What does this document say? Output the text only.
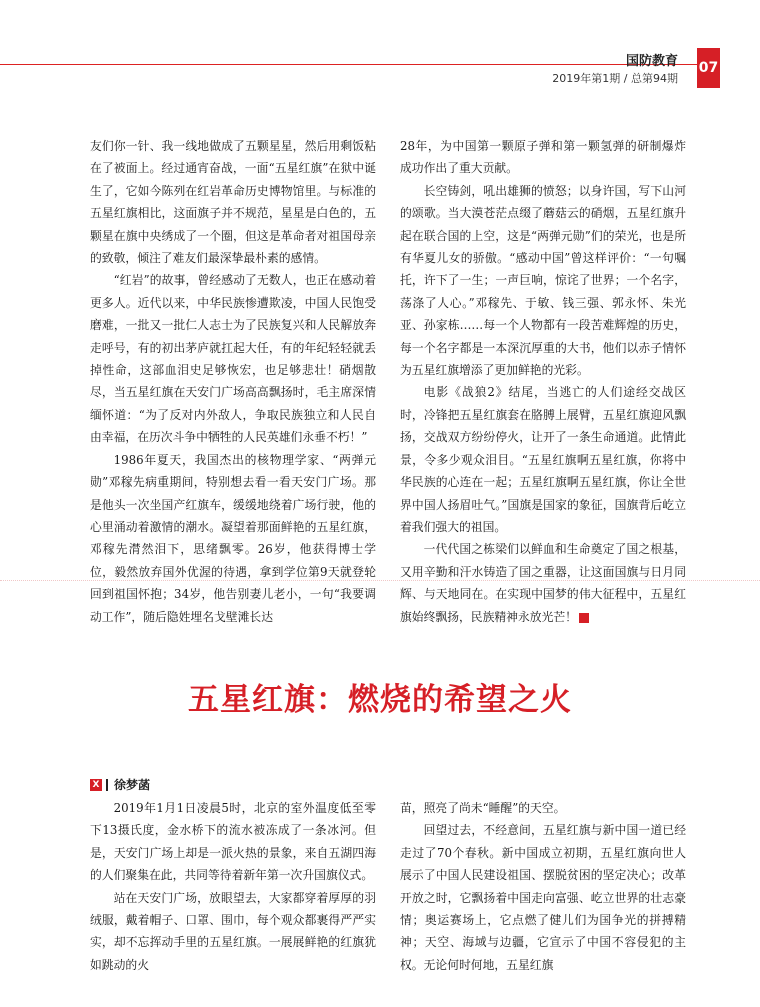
国防教育
2019年第1期 / 总第94期
07

友们你一针、我一线地做成了五颗星星，然后用剩饭粘在了被面上。经过通宵奋战，一面“五星红旗”在狱中诞生了，它如今陈列在红岩革命历史博物馆里。与标准的五星红旗相比，这面旗子并不规范，星星是白色的，五颗星在旗中央绣成了一个圈，但这是革命者对祖国母亲的致敬，倾注了难友们最深挚最朴素的感情。

“红岩”的故事，曾经感动了无数人，也正在感动着更多人。近代以来，中华民族惨遭欺凌，中国人民饱受磨难，一批又一批仁人志士为了民族复兴和人民解放奔走呼号，有的初出茅庐就扛起大任，有的年纪轻轻就丢掉性命，这部血泪史足够恢宏，也足够悲壮！硝烟散尽，当五星红旗在天安门广场高高飘扬时，毛主席深情缅怀道：“为了反对内外敌人，争取民族独立和人民自由幸福，在历次斗争中牺牲的人民英雄们永垂不朽！”

1986年夏天，我国杰出的核物理学家、“两弹元勋”邓稼先病重期间，特别想去看一看天安门广场。那是他头一次坐国产红旗车，缓缓地绕着广场行驶，他的心里涌动着激情的潮水。凝望着那面鲜艳的五星红旗，邓稼先潸然泪下，思绪飘零。26岁，他获得博士学位，毅然放弃国外优渥的待遇，拿到学位第9天就登轮回到祖国怀抱；34岁，他告别妻儿老小，一句“我要调动工作”，随后隐姓埋名戈壁滩长达

28年，为中国第一颗原子弹和第一颗氢弹的研制爆炸成功作出了重大贡献。

长空铸剑，吼出雄狮的愤怒；以身许国，写下山河的颂歌。当大漠苍茫点缀了蘑菇云的硝烟，五星红旗升起在联合国的上空，这是“两弹元勋”们的荣光，也是所有华夏儿女的骄傲。“感动中国”曾这样评价：“一句嘱托，许下了一生；一声巨响，惊诧了世界；一个名字，荡涤了人心。”邓稼先、于敏、钱三强、郭永怀、朱光亚、孙家栋……每一个人物都有一段苦难辉煌的历史，每一个名字都是一本深沉厚重的大书，他们以赤子情怀为五星红旗增添了更加鲜艳的光彩。

电影《战狼2》结尾，当逃亡的人们途经交战区时，冷锋把五星红旗套在胳膊上展臂，五星红旗迎风飘扬，交战双方纷纷停火，让开了一条生命通道。此情此景，令多少观众泪目。“五星红旗啊五星红旗，你将中华民族的心连在一起；五星红旗啊五星红旗，你让全世界中国人扬眉吐气。”国旗是国家的象征，国旗背后屹立着我们强大的祖国。

一代代国之栋梁们以鲜血和生命奠定了国之根基，又用辛勤和汗水铸造了国之重器，让这面国旗与日月同辉、与天地同在。在实现中国梦的伟大征程中，五星红旗始终飘扬，民族精神永放光芒！	G

五星红旗：燃烧的希望之火
X 徐梦菡

2019年1月1日凌晨5时，北京的室外温度低至零下13摄氏度，金水桥下的流水被冻成了一条冰河。但是，天安门广场上却是一派火热的景象，来自五湖四海的人们聚集在此，共同等待着新年第一次升国旗仪式。

站在天安门广场，放眼望去，大家都穿着厚厚的羽绒服，戴着帽子、口罩、围巾，每个观众都裹得严严实实，却不忘挥动手里的五星红旗。一展展鲜艳的红旗犹如跳动的火

苗，照亮了尚未“睡醒”的天空。

回望过去，不经意间，五星红旗与新中国一道已经走过了70个春秋。新中国成立初期，五星红旗向世人展示了中国人民建设祖国、摆脱贫困的坚定决心；改革开放之时，它飘扬着中国走向富强、屹立世界的壮志豪情；奥运赛场上，它点燃了健儿们为国争光的拼搏精神；天空、海域与边疆，它宣示了中国不容侵犯的主权。无论何时何地，五星红旗
